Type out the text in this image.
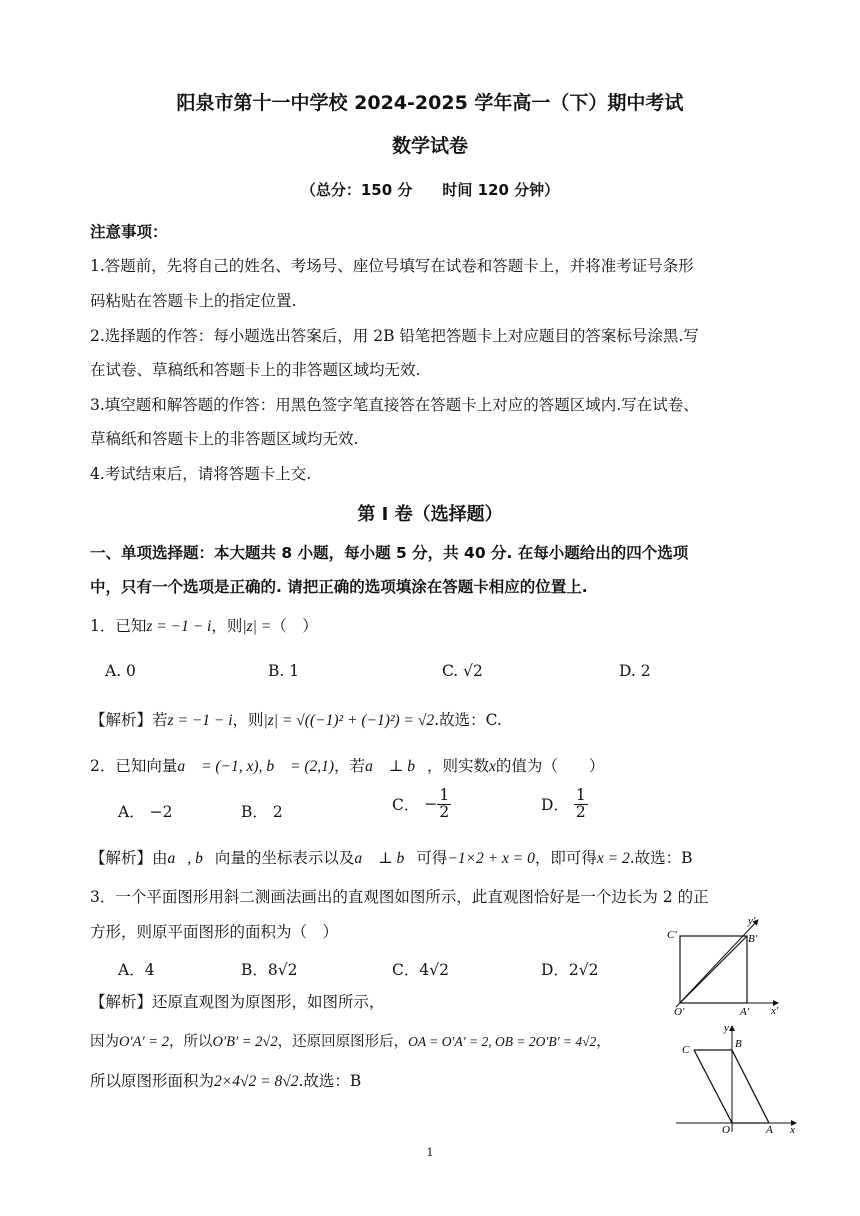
阳泉市第十一中学校 2024-2025 学年高一（下）期中考试
数学试卷
（总分：150 分　　时间 120 分钟）
注意事项：
1.答题前，先将自己的姓名、考场号、座位号填写在试卷和答题卡上，并将准考证号条形
码粘贴在答题卡上的指定位置.
2.选择题的作答：每小题选出答案后，用 2B 铅笔把答题卡上对应题目的答案标号涂黑.写
在试卷、草稿纸和答题卡上的非答题区域均无效.
3.填空题和解答题的作答：用黑色签字笔直接答在答题卡上对应的答题区域内.写在试卷、
草稿纸和答题卡上的非答题区域均无效.
4.考试结束后，请将答题卡上交.
第 I 卷（选择题）
一、单项选择题：本大题共 8 小题，每小题 5 分，共 40 分. 在每小题给出的四个选项
中，只有一个选项是正确的. 请把正确的选项填涂在答题卡相应的位置上.
1．已知z = −1 − i，则|z| =（　）
A. 0	B. 1	C. √2	D. 2
【解析】若z = −1 − i，则|z| = √((−1)² + (−1)²) = √2.故选：C.
2．已知向量a⃗ = (−1, x), b⃗ = (2,1)，若a⃗ ⊥ b⃗，则实数x的值为（　　）
A． −2	B． 2	C． − $\frac{1}{2}$	D． $\frac{1}{2}$
【解析】由a⃗, b⃗向量的坐标表示以及a⃗ ⊥ b⃗可得−1×2 + x = 0，即可得x = 2.故选：B
3．一个平面图形用斜二测画法画出的直观图如图所示，此直观图恰好是一个边长为 2 的正
方形，则原平面图形的面积为（　）
A．4	B．8√2	C．4√2	D．2√2
【解析】还原直观图为原图形，如图所示，
因为O′A′ = 2，所以O′B′ = 2√2，还原回原图形后，OA = O′A′ = 2, OB = 2O′B′ = 4√2，
所以原图形面积为2×4√2 = 8√2.故选：B
C′	B′
O′	A′ x′
y′
C	B
O	A x
y
1
